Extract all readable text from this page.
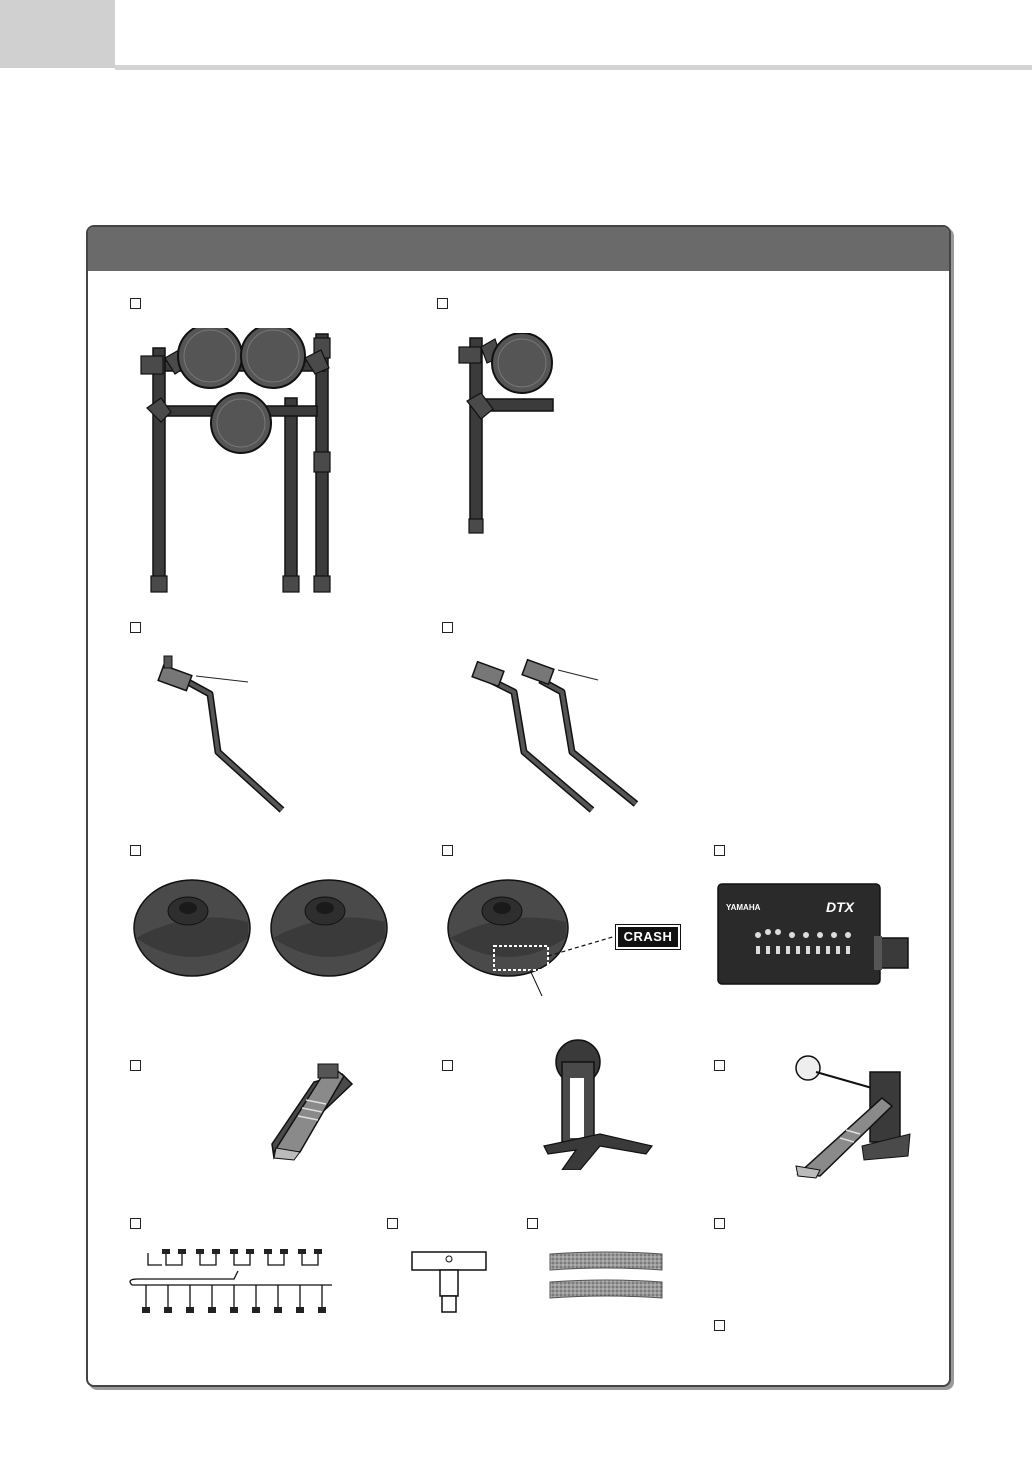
CRASH
YAMAHA	DTX
